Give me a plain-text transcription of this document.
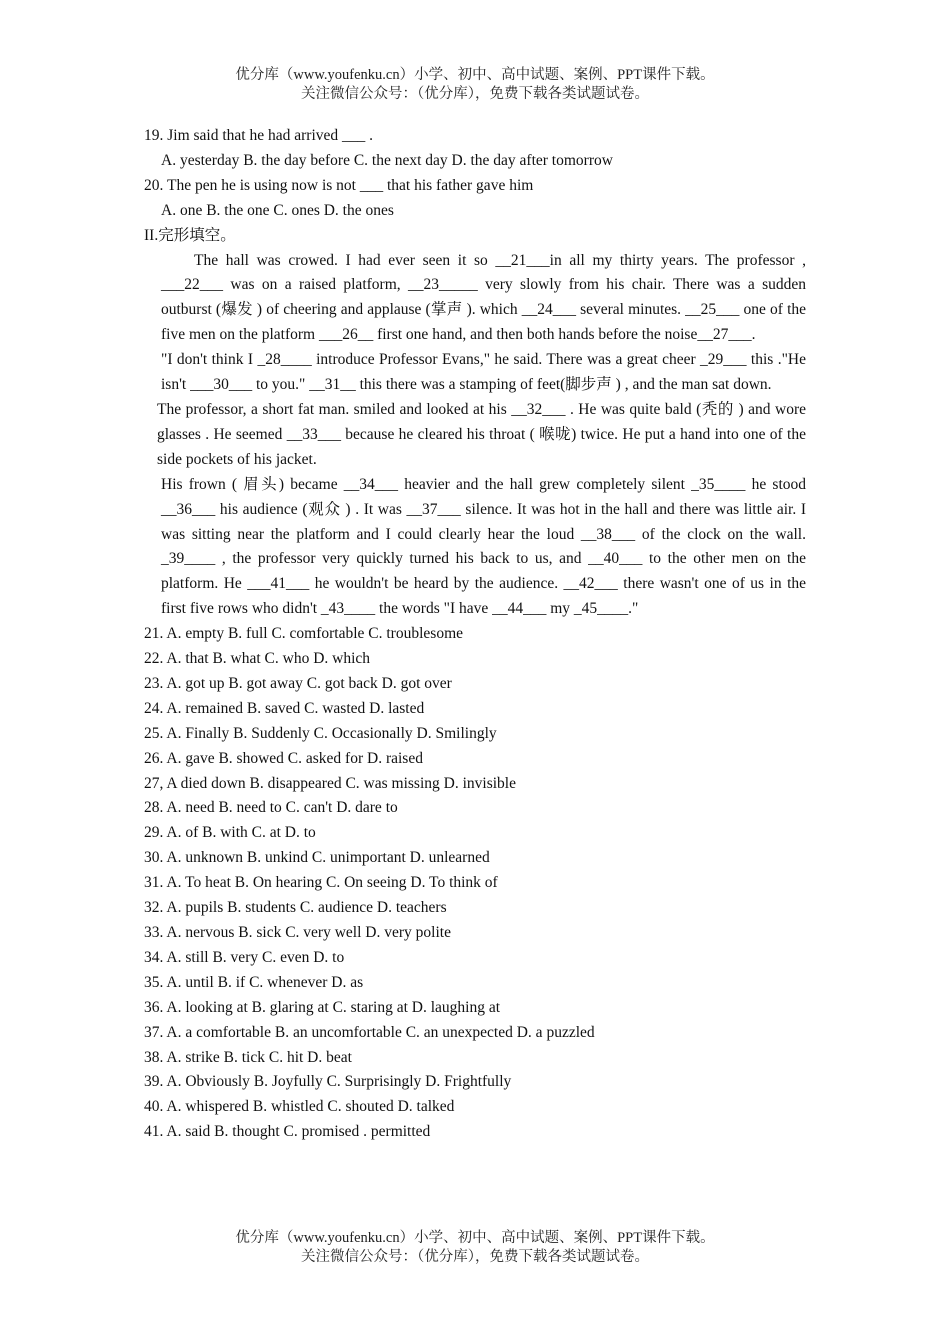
优分库（www.youfenku.cn）小学、初中、高中试题、案例、PPT课件下载。
关注微信公众号：（优分库），免费下载各类试题试卷。
19. Jim said that he had arrived ___ .
A. yesterday B. the day before C. the next day D. the day after tomorrow
20. The pen he is using now is not ___ that his father gave him
A. one B. the one C. ones D. the ones
II.完形填空。
The hall was crowed. I had ever seen it so __21___in all my thirty years. The professor , ___22___ was on a raised platform, __23_____ very slowly from his chair. There was a sudden outburst (爆发 ) of cheering and applause (掌声 ). which __24___ several minutes. __25___ one of the five men on the platform ___26__ first one hand, and then both hands before the noise__27___.
"I don't think I _28____ introduce Professor Evans," he said. There was a great cheer _29___ this ."He isn't ___30___ to you." __31__ this there was a stamping of feet(脚步声 ) , and the man sat down.
The professor, a short fat man. smiled and looked at his __32___ . He was quite bald (秃的 ) and wore glasses . He seemed __33___ because he cleared his throat ( 喉咙) twice. He put a hand into one of the side pockets of his jacket.
His frown ( 眉头) became __34___ heavier and the hall grew completely silent _35____ he stood __36___ his audience (观众 ) . It was __37___ silence. It was hot in the hall and there was little air. I was sitting near the platform and I could clearly hear the loud __38___ of the clock on the wall. _39____ , the professor very quickly turned his back to us, and __40___ to the other men on the platform. He ___41___ he wouldn't be heard by the audience. __42___ there wasn't one of us in the first five rows who didn't _43____ the words "I have __44___ my _45____."
21. A. empty B. full C. comfortable C. troublesome
22. A. that B. what C. who D. which
23. A. got up B. got away C. got back D. got over
24. A. remained B. saved C. wasted D. lasted
25. A. Finally B. Suddenly C. Occasionally D. Smilingly
26. A. gave B. showed C. asked for D. raised
27, A died down B. disappeared C. was missing D. invisible
28. A. need B. need to C. can't D. dare to
29. A. of B. with C. at D. to
30. A. unknown B. unkind C. unimportant D. unlearned
31. A. To heat B. On hearing C. On seeing D. To think of
32. A. pupils B. students C. audience D. teachers
33. A. nervous B. sick C. very well D. very polite
34. A. still B. very C. even D. to
35. A. until B. if C. whenever D. as
36. A. looking at B. glaring at C. staring at D. laughing at
37. A. a comfortable B. an uncomfortable C. an unexpected D. a puzzled
38. A. strike B. tick C. hit D. beat
39. A. Obviously B. Joyfully C. Surprisingly D. Frightfully
40. A. whispered B. whistled C. shouted D. talked
41. A. said B. thought C. promised . permitted
优分库（www.youfenku.cn）小学、初中、高中试题、案例、PPT课件下载。
关注微信公众号：（优分库），免费下载各类试题试卷。
